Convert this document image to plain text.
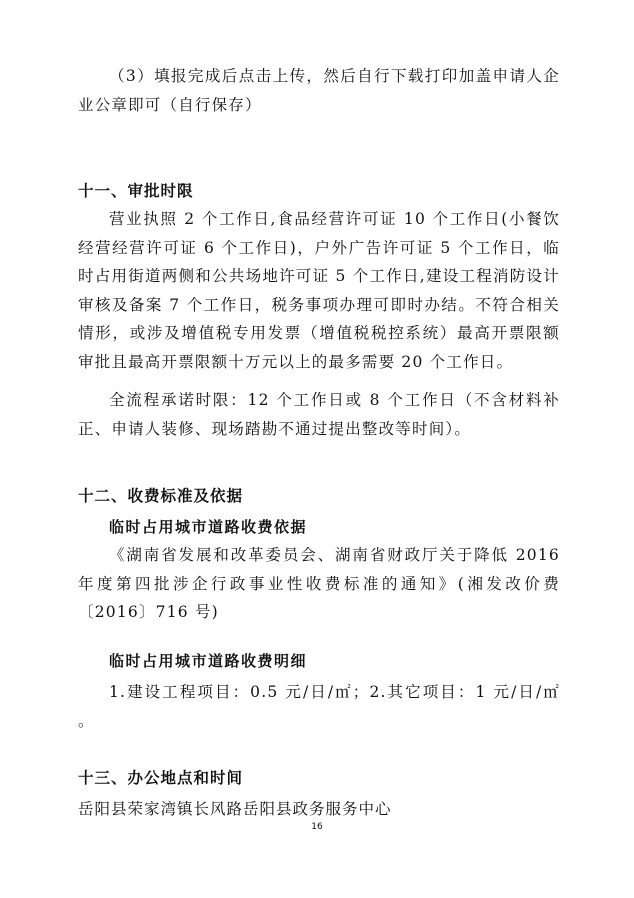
（3）填报完成后点击上传，然后自行下载打印加盖申请人企业公章即可（自行保存）

十一、审批时限

营业执照 2 个工作日,食品经营许可证 10 个工作日(小餐饮经营经营许可证 6 个工作日)，户外广告许可证 5 个工作日，临时占用街道两侧和公共场地许可证 5 个工作日,建设工程消防设计审核及备案 7 个工作日，税务事项办理可即时办结。不符合相关情形，或涉及增值税专用发票（增值税税控系统）最高开票限额审批且最高开票限额十万元以上的最多需要 20 个工作日。

全流程承诺时限：12 个工作日或 8 个工作日（不含材料补正、申请人装修、现场踏勘不通过提出整改等时间）。

十二、收费标准及依据
临时占用城市道路收费依据

《湖南省发展和改革委员会、湖南省财政厅关于降低 2016 年度第四批涉企行政事业性收费标准的通知》(湘发改价费〔2016〕716 号)

临时占用城市道路收费明细

1.建设工程项目：0.5 元/日/㎡；2.其它项目：1 元/日/㎡ 。

十三、办公地点和时间

岳阳县荣家湾镇长风路岳阳县政务服务中心

16
